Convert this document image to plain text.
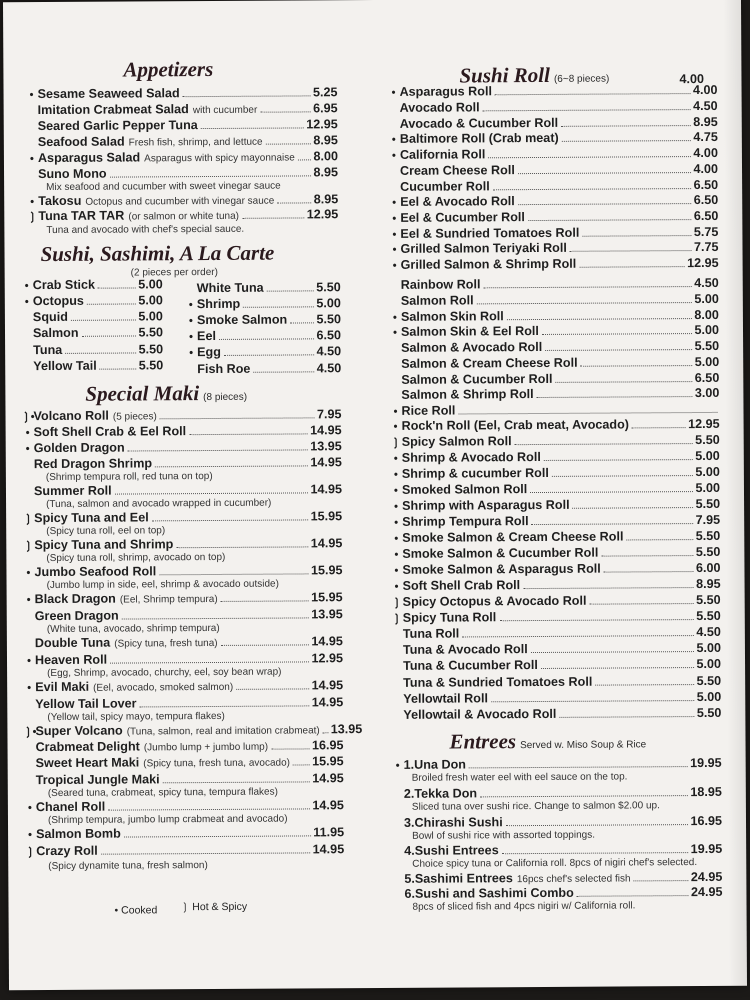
Appetizers
• Sesame Seaweed Salad	5.25
Imitation Crabmeat Salad with cucumber	6.95
Seared Garlic Pepper Tuna	12.95
Seafood Salad Fresh fish, shrimp, and lettuce	8.95
• Asparagus Salad Asparagus with spicy mayonnaise 8.00
Suno Mono	8.95
• Takosu Octopus and cucumber with vinegar sauce	8.95
❳ Tuna TAR TAR (or salmon or white tuna)	12.95
Mix seafood and cucumber with sweet vinegar sauce
Tuna and avocado with chef's special sauce.
Sushi, Sashimi, A La Carte
(2 pieces per order)
• Crab Stick	5.00
• Octopus	5.00
Squid	5.00
Salmon	5.50
Tuna	5.50
Yellow Tail	5.50
White Tuna	5.50
• Shrimp	5.00
• Smoke Salmon 5.50
• Eel	6.50
• Egg	4.50
Fish Roe	4.50
Special Maki (8 pieces)
❳•
Volcano Roll (5 pieces)	7.95
• Soft Shell Crab & Eel Roll	14.95
• Golden Dragon	13.95
Red Dragon Shrimp	14.95
Summer Roll	14.95
❳ Spicy Tuna and Eel	15.95
❳ Spicy Tuna and Shrimp	14.95
• Jumbo Seafood Roll	15.95
• Black Dragon (Eel, Shrimp tempura)	15.95
Green Dragon	13.95
Double Tuna (Spicy tuna, fresh tuna)	14.95
• Heaven Roll	12.95
• Evil Maki (Eel, avocado, smoked salmon)	14.95
Yellow Tail Lover	14.95
❳•
Super Volcano (Tuna, salmon, real and imitation crabmeat) 13.95
Crabmeat Delight (Jumbo lump + jumbo lump)	16.95
Sweet Heart Maki (Spicy tuna, fresh tuna, avocado) 15.95
Tropical Jungle Maki	14.95
• Chanel Roll	14.95
• Salmon Bomb	11.95
❳ Crazy Roll	14.95
(Shrimp tempura roll, red tuna on top)
(Tuna, salmon and avocado wrapped in cucumber)
(Spicy tuna roll, eel on top)
(Spicy tuna roll, shrimp, avocado on top)
(Jumbo lump in side, eel, shrimp & avocado outside)
(White tuna, avocado, shrimp tempura)
(Egg, Shrimp, avocado, churchy, eel, soy bean wrap)
(Yellow tail, spicy mayo, tempura flakes)
(Seared tuna, crabmeat, spicy tuna, tempura flakes)
(Shrimp tempura, jumbo lump crabmeat and avocado)
(Spicy dynamite tuna, fresh salmon)
• Cooked ❳ Hot & Spicy
Sushi Roll (6~8 pieces)	4.00
• Asparagus Roll	4.00
Avocado Roll	4.50
Avocado & Cucumber Roll	8.95
• Baltimore Roll (Crab meat)	4.75
• California Roll	4.00
Cream Cheese Roll	4.00
Cucumber Roll	6.50
• Eel & Avocado Roll	6.50
• Eel & Cucumber Roll	6.50
• Eel & Sundried Tomatoes Roll	5.75
• Grilled Salmon Teriyaki Roll	7.75
• Grilled Salmon & Shrimp Roll	12.95
Rainbow Roll	4.50
Salmon Roll	5.00
• Salmon Skin Roll	8.00
• Salmon Skin & Eel Roll	5.00
Salmon & Avocado Roll	5.50
Salmon & Cream Cheese Roll	5.00
Salmon & Cucumber Roll	6.50
Salmon & Shrimp Roll	3.00
• Rice Roll
• Rock'n Roll (Eel, Crab meat, Avocado)	12.95
❳ Spicy Salmon Roll	5.50
• Shrimp & Avocado Roll	5.00
• Shrimp & cucumber Roll	5.00
• Smoked Salmon Roll	5.00
• Shrimp with Asparagus Roll	5.50
• Shrimp Tempura Roll	7.95
• Smoke Salmon & Cream Cheese Roll	5.50
• Smoke Salmon & Cucumber Roll	5.50
• Smoke Salmon & Asparagus Roll	6.00
• Soft Shell Crab Roll	8.95
❳ Spicy Octopus & Avocado Roll	5.50
❳ Spicy Tuna Roll	5.50
Tuna Roll	4.50
Tuna & Avocado Roll	5.00
Tuna & Cucumber Roll	5.00
Tuna & Sundried Tomatoes Roll	5.50
Yellowtail Roll	5.00
Yellowtail & Avocado Roll	5.50
Entrees Served w. Miso Soup & Rice
• 1.Una Don	19.95
2.Tekka Don	18.95
3.Chirashi Sushi	16.95
4.Sushi Entrees	19.95
5.Sashimi Entrees 16pcs chef's selected fish	24.95
6.Sushi and Sashimi Combo	24.95
Broiled fresh water eel with eel sauce on the top.
Sliced tuna over sushi rice. Change to salmon $2.00 up.
Bowl of sushi rice with assorted toppings.
Choice spicy tuna or California roll. 8pcs of nigiri chef's selected.
8pcs of sliced fish and 4pcs nigiri w/ California roll.
